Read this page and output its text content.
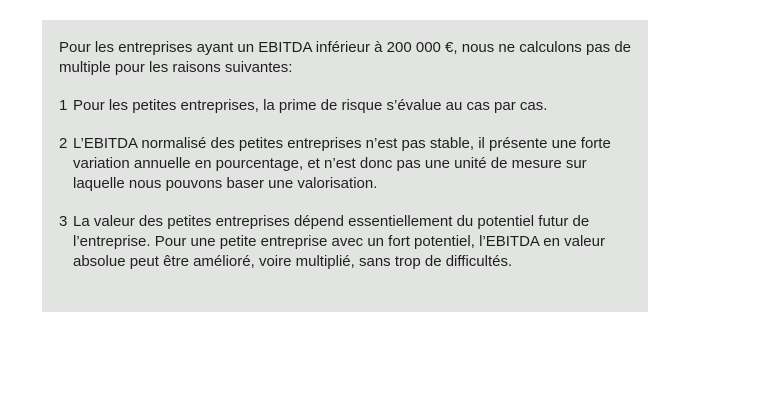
Pour les entreprises ayant un EBITDA inférieur à 200 000 €, nous ne calculons pas de multiple pour les raisons suivantes:

1 Pour les petites entreprises, la prime de risque s’évalue au cas par cas.
2 L’EBITDA normalisé des petites entreprises n’est pas stable, il présente une forte variation annuelle en pourcentage, et n’est donc pas une unité de mesure sur laquelle nous pouvons baser une valorisation.
3 La valeur des petites entreprises dépend essentiellement du potentiel futur de l’entreprise. Pour une petite entreprise avec un fort potentiel, l’EBITDA en valeur absolue peut être amélioré, voire multiplié, sans trop de difficultés.
